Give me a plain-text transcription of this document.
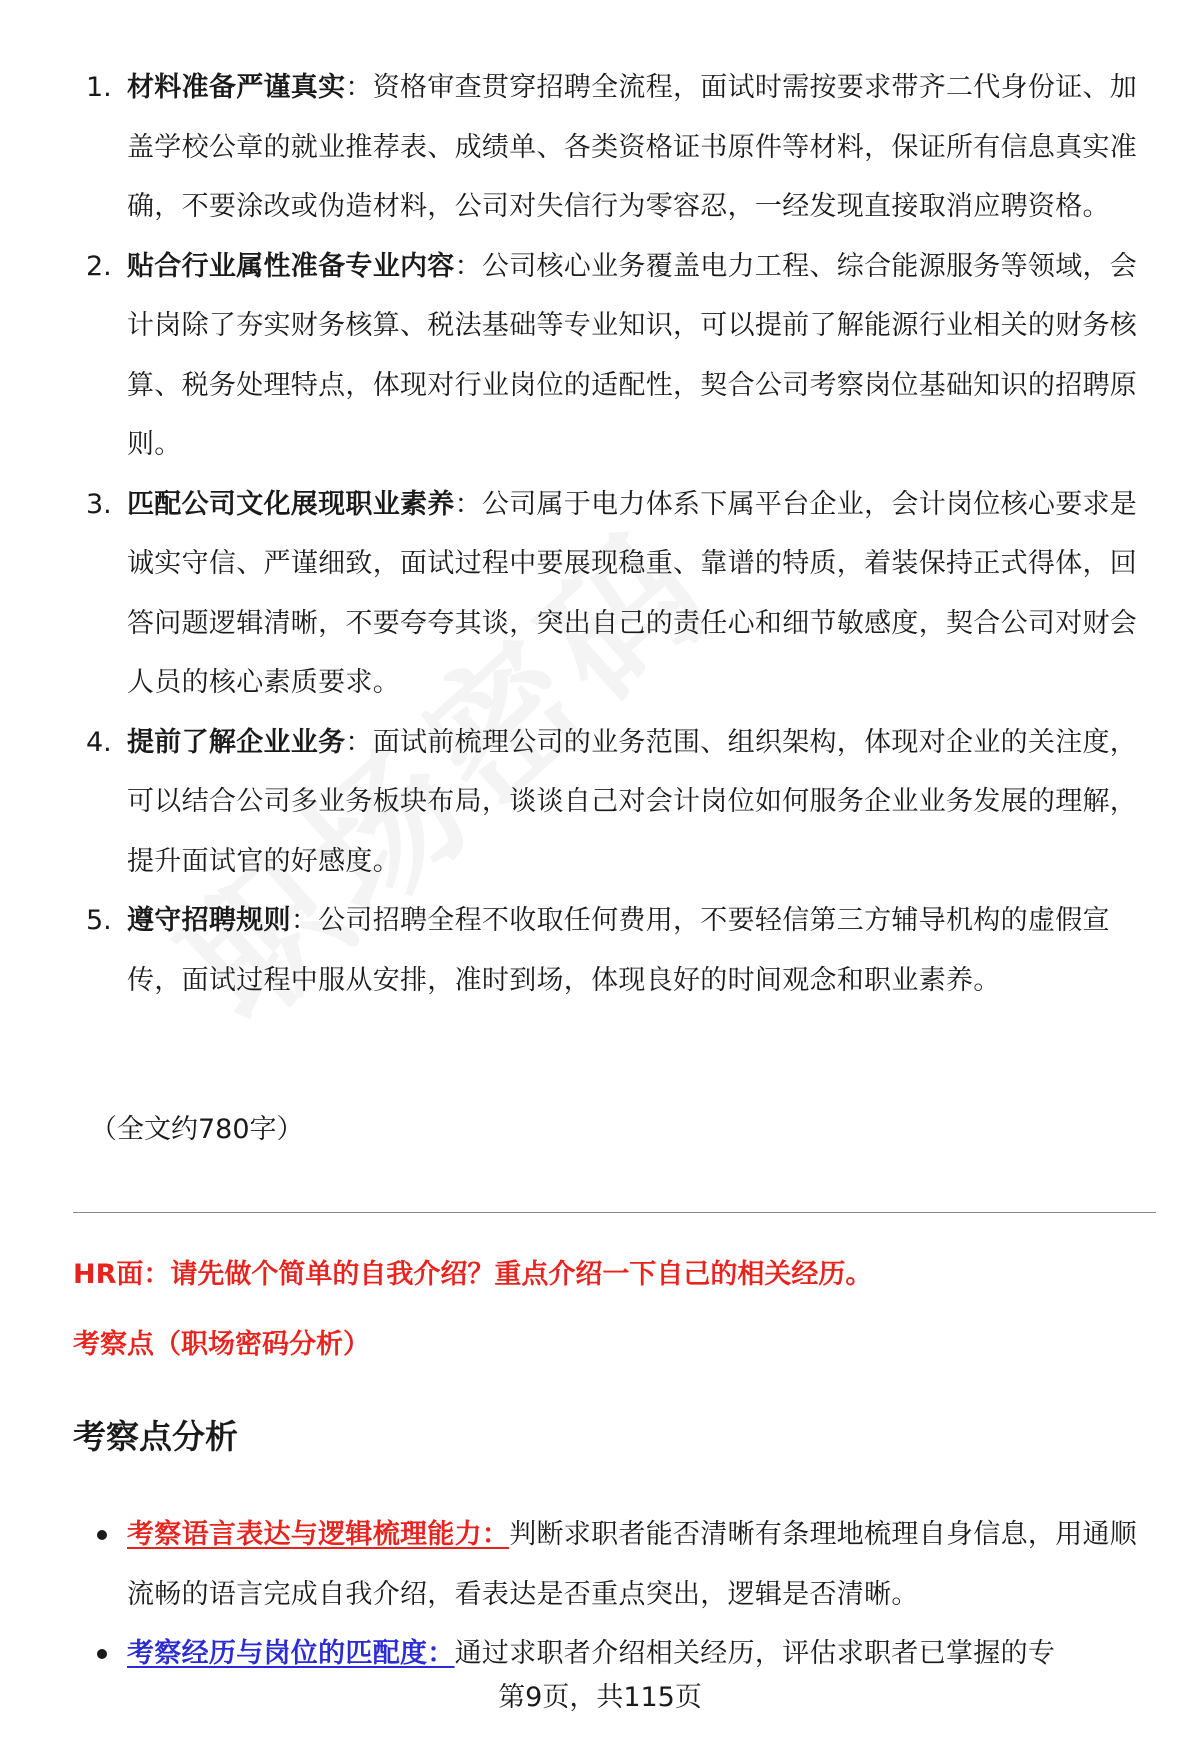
1. 材料准备严谨真实：资格审查贯穿招聘全流程，面试时需按要求带齐二代身份证、加盖学校公章的就业推荐表、成绩单、各类资格证书原件等材料，保证所有信息真实准确，不要涂改或伪造材料，公司对失信行为零容忍，一经发现直接取消应聘资格。
2. 贴合行业属性准备专业内容：公司核心业务覆盖电力工程、综合能源服务等领域，会计岗除了夯实财务核算、税法基础等专业知识，可以提前了解能源行业相关的财务核算、税务处理特点，体现对行业岗位的适配性，契合公司考察岗位基础知识的招聘原则。
3. 匹配公司文化展现职业素养：公司属于电力体系下属平台企业，会计岗位核心要求是诚实守信、严谨细致，面试过程中要展现稳重、靠谱的特质，着装保持正式得体，回答问题逻辑清晰，不要夸夸其谈，突出自己的责任心和细节敏感度，契合公司对财会人员的核心素质要求。
4. 提前了解企业业务：面试前梳理公司的业务范围、组织架构，体现对企业的关注度，可以结合公司多业务板块布局，谈谈自己对会计岗位如何服务企业业务发展的理解，提升面试官的好感度。
5. 遵守招聘规则：公司招聘全程不收取任何费用，不要轻信第三方辅导机构的虚假宣传，面试过程中服从安排，准时到场，体现良好的时间观念和职业素养。
（全文约780字）
HR面：请先做个简单的自我介绍？重点介绍一下自己的相关经历。
考察点（职场密码分析）
考察点分析
考察语言表达与逻辑梳理能力：判断求职者能否清晰有条理地梳理自身信息，用通顺流畅的语言完成自我介绍，看表达是否重点突出，逻辑是否清晰。
考察经历与岗位的匹配度：通过求职者介绍相关经历，评估求职者已掌握的专
第9页，共115页
